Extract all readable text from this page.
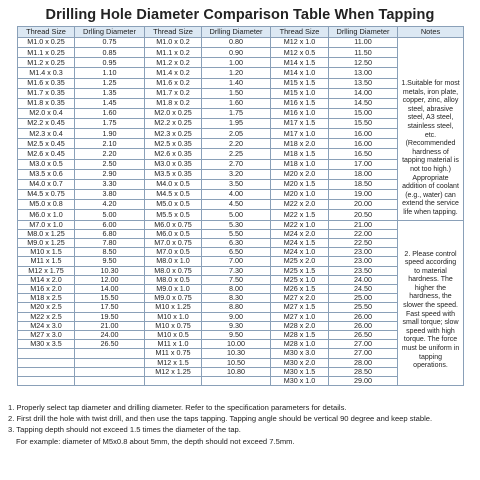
Drilling Hole Diameter Comparison Table When Tapping
Thread Size	Drlling Diameter	Thread Size	Drlling Diameter	Thread Size	Drlling Diameter	Notes
M1.0 x 0.25	0.75	M1.0 x 0.2	0.80	M12 x 1.0	11.00	1.Suitable for most metals, iron plate, copper, zinc, alloy steel, abrasive steel, A3 steel, stainless steel, etc.(Recommended hardness of tapping material is not too high.) Appropriate addition of coolant (e.g., water) can extend the service life when tapping.
M1.1 x 0.25	0.85	M1.1 x 0.2	0.90	M12 x 0.5	11.50	
M1.2 x 0.25	0.95	M1.2 x 0.2	1.00	M14 x 1.5	12.50	
M1.4 x 0.3	1.10	M1.4 x 0.2	1.20	M14 x 1.0	13.00	
M1.6 x 0.35	1.25	M1.6 x 0.2	1.40	M15 x 1.5	13.50	
M1.7 x 0.35	1.35	M1.7 x 0.2	1.50	M15 x 1.0	14.00	
M1.8 x 0.35	1.45	M1.8 x 0.2	1.60	M16 x 1.5	14.50	
M2.0 x 0.4	1.60	M2.0 x 0.25	1.75	M16 x 1.0	15.00	
M2.2 x 0.45	1.75	M2.2 x 0.25	1.95	M17 x 1.5	15.50	
M2.3 x 0.4	1.90	M2.3 x 0.25	2.05	M17 x 1.0	16.00	
M2.5 x 0.45	2.10	M2.5 x 0.35	2.20	M18 x 2.0	16.00	
M2.6 x 0.45	2.20	M2.6 x 0.35	2.25	M18 x 1.5	16.50	
M3.0 x 0.5	2.50	M3.0 x 0.35	2.70	M18 x 1.0	17.00	
M3.5 x 0.6	2.90	M3.5 x 0.35	3.20	M20 x 2.0	18.00	
M4.0 x 0.7	3.30	M4.0 x 0.5	3.50	M20 x 1.5	18.50	
M4.5 x 0.75	3.80	M4.5 x 0.5	4.00	M20 x 1.0	19.00	
M5.0 x 0.8	4.20	M5.0 x 0.5	4.50	M22 x 2.0	20.00	
M6.0 x 1.0	5.00	M5.5 x 0.5	5.00	M22 x 1.5	20.50	
M7.0 x 1.0	6.00	M6.0 x 0.75	5.30	M22 x 1.0	21.00	2. Please control speed according to material hardness. The higher the hardness, the slower the speed. Fast speed with small torque; slow speed with high torque. The force must be uniform in tapping operations.
M8.0 x 1.25	6.80	M6.0 x 0.5	5.50	M24 x 2.0	22.00	
M9.0 x 1.25	7.80	M7.0 x 0.75	6.30	M24 x 1.5	22.50	
M10 x 1.5	8.50	M7.0 x 0.5	6.50	M24 x 1.0	23.00	
M11 x 1.5	9.50	M8.0 x 1.0	7.00	M25 x 2.0	23.00	
M12 x 1.75	10.30	M8.0 x 0.75	7.30	M25 x 1.5	23.50	
M14 x 2.0	12.00	M8.0 x 0.5	7.50	M25 x 1.0	24.00	
M16 x 2.0	14.00	M9.0 x 1.0	8.00	M26 x 1.5	24.50	
M18 x 2.5	15.50	M9.0 x 0.75	8.30	M27 x 2.0	25.00	
M20 x 2.5	17.50	M10 x 1.25	8.80	M27 x 1.5	25.50	
M22 x 2.5	19.50	M10 x 1.0	9.00	M27 x 1.0	26.00	
M24 x 3.0	21.00	M10 x 0.75	9.30	M28 x 2.0	26.00	
M27 x 3.0	24.00	M10 x 0.5	9.50	M28 x 1.5	26.50	
M30 x 3.5	26.50	M11 x 1.0	10.00	M28 x 1.0	27.00	
		M11 x 0.75	10.30	M30 x 3.0	27.00	
		M12 x 1.5	10.50	M30 x 2.0	28.00	
		M12 x 1.25	10.80	M30 x 1.5	28.50	
				M30 x 1.0	29.00	
1. Properly select tap diameter and drilling diameter. Refer to the specification parameters for details.
2. First drill the hole with twist drill, and then use the taps tapping. Tapping angle should be vertical 90 degree and keep stable.
3. Tapping depth should not exceed 1.5 times the diameter of the tap.
For example: diameter of M5x0.8 about 5mm, the depth should not exceed 7.5mm.
